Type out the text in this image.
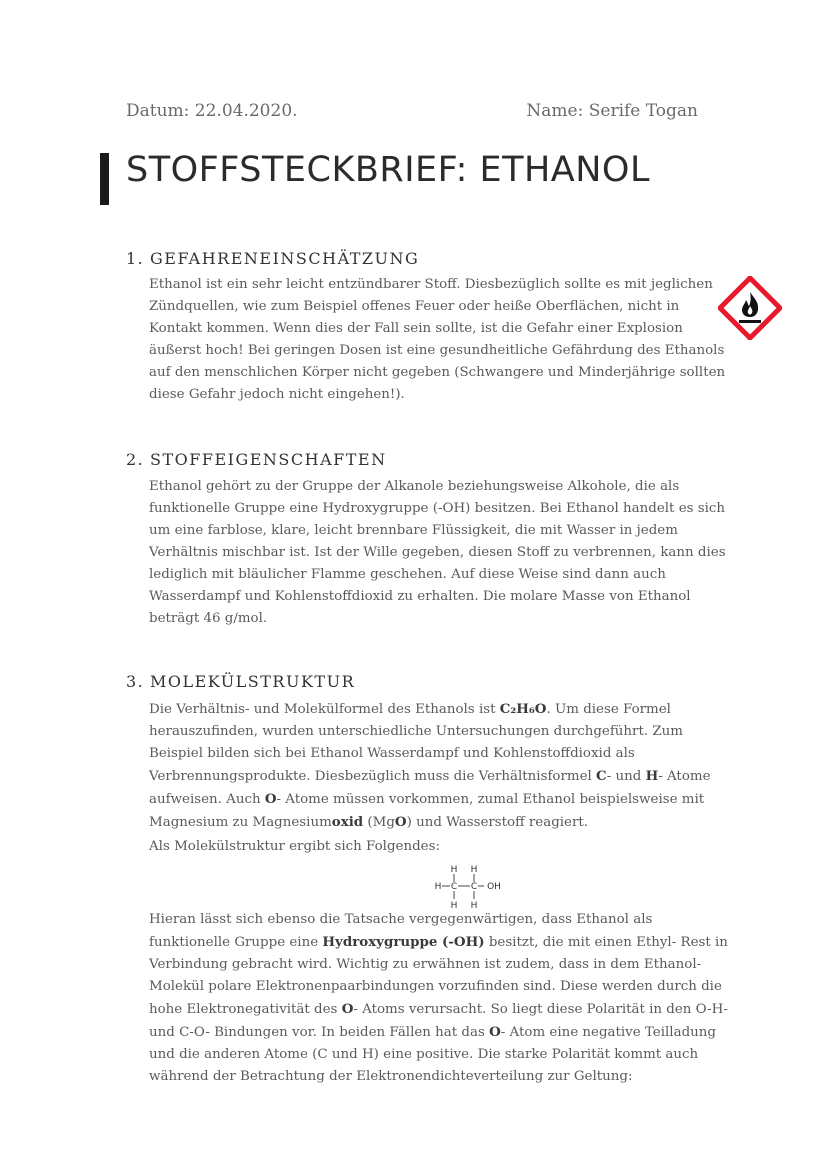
Datum: 22.04.2020.	Name: Serife Togan
STOFFSTECKBRIEF: ETHANOL
1. GEFAHRENEINSCHÄTZUNG

Ethanol ist ein sehr leicht entzündbarer Stoff. Diesbezüglich sollte es mit jeglichen
Zündquellen, wie zum Beispiel offenes Feuer oder heiße Oberflächen, nicht in
Kontakt kommen. Wenn dies der Fall sein sollte, ist die Gefahr einer Explosion
äußerst hoch! Bei geringen Dosen ist eine gesundheitliche Gefährdung des Ethanols
auf den menschlichen Körper nicht gegeben (Schwangere und Minderjährige sollten
diese Gefahr jedoch nicht eingehen!).

2. STOFFEIGENSCHAFTEN

Ethanol gehört zu der Gruppe der Alkanole beziehungsweise Alkohole, die als
funktionelle Gruppe eine Hydroxygruppe (-OH) besitzen. Bei Ethanol handelt es sich
um eine farblose, klare, leicht brennbare Flüssigkeit, die mit Wasser in jedem
Verhältnis mischbar ist. Ist der Wille gegeben, diesen Stoff zu verbrennen, kann dies
lediglich mit bläulicher Flamme geschehen. Auf diese Weise sind dann auch
Wasserdampf und Kohlenstoffdioxid zu erhalten. Die molare Masse von Ethanol
beträgt 46 g/mol.

3. MOLEKÜLSTRUKTUR

Die Verhältnis- und Molekülformel des Ethanols ist C₂H₆O. Um diese Formel
herauszufinden, wurden unterschiedliche Untersuchungen durchgeführt. Zum
Beispiel bilden sich bei Ethanol Wasserdampf und Kohlenstoffdioxid als
Verbrennungsprodukte. Diesbezüglich muss die Verhältnisformel C- und H- Atome
aufweisen. Auch O- Atome müssen vorkommen, zumal Ethanol beispielsweise mit
Magnesium zu Magnesiumoxid (MgO) und Wasserstoff reagiert.

Als Molekülstruktur ergibt sich Folgendes:

H H
H C C OH
H H

Hieran lässt sich ebenso die Tatsache vergegenwärtigen, dass Ethanol als
funktionelle Gruppe eine Hydroxygruppe (-OH) besitzt, die mit einen Ethyl- Rest in
Verbindung gebracht wird. Wichtig zu erwähnen ist zudem, dass in dem Ethanol-
Molekül polare Elektronenpaarbindungen vorzufinden sind. Diese werden durch die
hohe Elektronegativität des O- Atoms verursacht. So liegt diese Polarität in den O-H-
und C-O- Bindungen vor. In beiden Fällen hat das O- Atom eine negative Teilladung
und die anderen Atome (C und H) eine positive. Die starke Polarität kommt auch
während der Betrachtung der Elektronendichteverteilung zur Geltung:
